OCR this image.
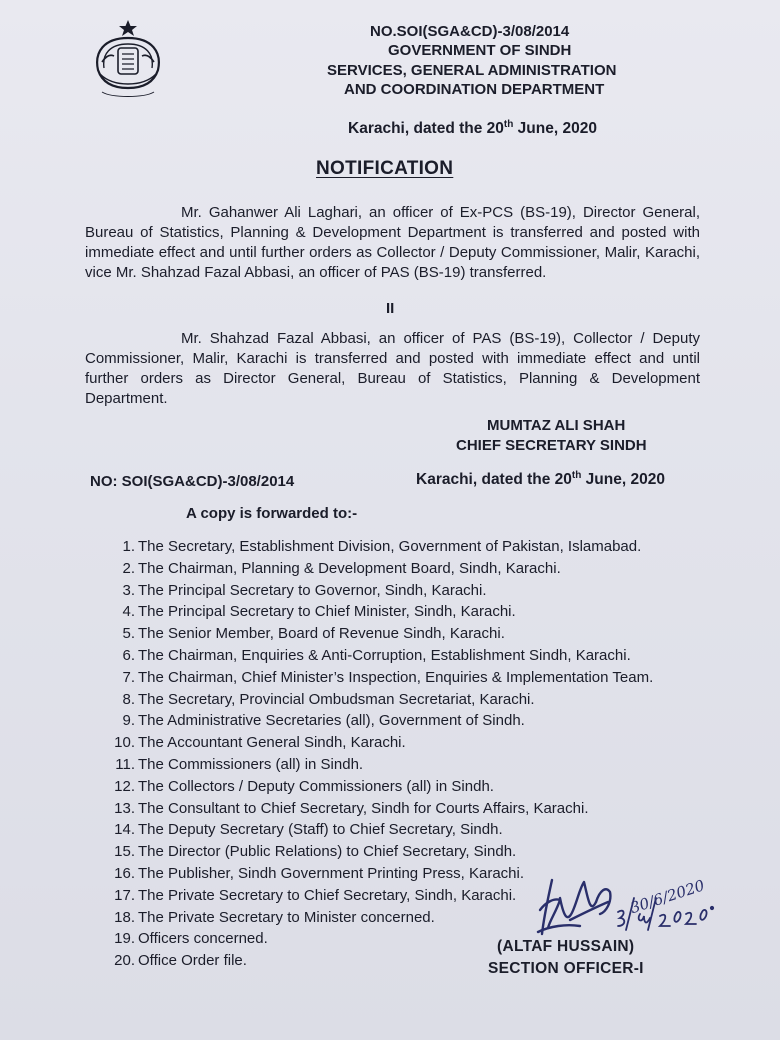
NO.SOI(SGA&CD)-3/08/2014
GOVERNMENT OF SINDH
SERVICES, GENERAL ADMINISTRATION
AND COORDINATION DEPARTMENT
Karachi, dated the 20th June, 2020
NOTIFICATION
Mr. Gahanwer Ali Laghari, an officer of Ex-PCS (BS-19), Director General, Bureau of Statistics, Planning & Development Department is transferred and posted with immediate effect and until further orders as Collector / Deputy Commissioner, Malir, Karachi, vice Mr. Shahzad Fazal Abbasi, an officer of PAS (BS-19) transferred.
II
Mr. Shahzad Fazal Abbasi, an officer of PAS (BS-19), Collector / Deputy Commissioner, Malir, Karachi is transferred and posted with immediate effect and until further orders as Director General, Bureau of Statistics, Planning & Development Department.
MUMTAZ ALI SHAH
CHIEF SECRETARY SINDH
NO: SOI(SGA&CD)-3/08/2014	Karachi, dated the 20th June, 2020
A copy is forwarded to:-
1. The Secretary, Establishment Division, Government of Pakistan, Islamabad.
2. The Chairman, Planning & Development Board, Sindh, Karachi.
3. The Principal Secretary to Governor, Sindh, Karachi.
4. The Principal Secretary to Chief Minister, Sindh, Karachi.
5. The Senior Member, Board of Revenue Sindh, Karachi.
6. The Chairman, Enquiries & Anti-Corruption, Establishment Sindh, Karachi.
7. The Chairman, Chief Minister’s Inspection, Enquiries & Implementation Team.
8. The Secretary, Provincial Ombudsman Secretariat, Karachi.
9. The Administrative Secretaries (all), Government of Sindh.
10. The Accountant General Sindh, Karachi.
11. The Commissioners (all) in Sindh.
12. The Collectors / Deputy Commissioners (all) in Sindh.
13. The Consultant to Chief Secretary, Sindh for Courts Affairs, Karachi.
14. The Deputy Secretary (Staff) to Chief Secretary, Sindh.
15. The Director (Public Relations) to Chief Secretary, Sindh.
16. The Publisher, Sindh Government Printing Press, Karachi.
17. The Private Secretary to Chief Secretary, Sindh, Karachi.
18. The Private Secretary to Minister concerned.
19. Officers concerned.
20. Office Order file.
(ALTAF HUSSAIN)
SECTION OFFICER-I
30/6/2020
